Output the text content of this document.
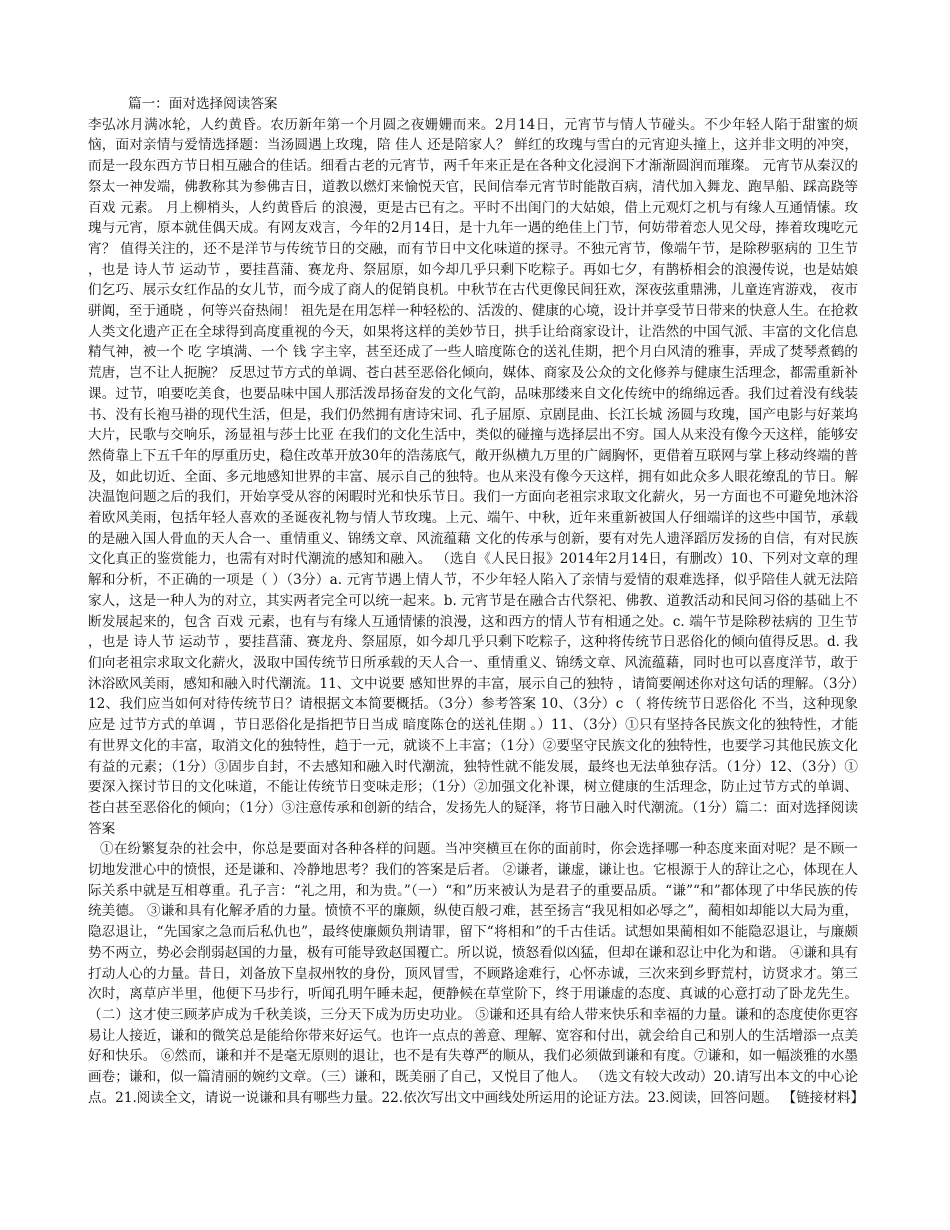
篇一：面对选择阅读答案

李弘冰月满冰轮，人约黄昏。农历新年第一个月圆之夜姗姗而来。2月14日，元宵节与情人节碰头。不少年轻人陷于甜蜜的烦恼，面对亲情与爱情选择题：当汤圆遇上玫瑰，陪 佳人 还是陪家人？ 鲜红的玫瑰与雪白的元宵迎头撞上，这并非文明的冲突，而是一段东西方节日相互融合的佳话。细看古老的元宵节，两千年来正是在各种文化浸润下才渐渐圆润而璀璨。 元宵节从秦汉的祭太一神发端，佛教称其为参佛吉日，道教以燃灯来愉悦天官，民间信奉元宵节时能散百病，清代加入舞龙、跑旱船、踩高跷等 百戏 元素。 月上柳梢头，人约黄昏后 的浪漫，更是古已有之。平时不出闺门的大姑娘，借上元观灯之机与有缘人互通情愫。玫瑰与元宵，原本就佳偶天成。有网友戏言，今年的2月14日，是十九年一遇的绝佳上门节，何妨带着恋人见父母，捧着玫瑰吃元宵？ 值得关注的，还不是洋节与传统节日的交融，而有节日中文化味道的探寻。不独元宵节，像端午节，是除秽驱病的 卫生节 ，也是 诗人节 运动节 ，要挂菖蒲、赛龙舟、祭屈原，如今却几乎只剩下吃粽子。再如七夕，有鹊桥相会的浪漫传说，也是姑娘们乞巧、展示女红作品的女儿节，而今成了商人的促销良机。中秋节在古代更像民间狂欢，深夜弦重鼎沸，儿童连宵游戏， 夜市骈阗，至于通晓 ，何等兴奋热闹！ 祖先是在用怎样一种轻松的、活泼的、健康的心境，设计并享受节日带来的快意人生。在抢救人类文化遗产正在全球得到高度重视的今天，如果将这样的美妙节日，拱手让给商家设计，让浩然的中国气派、丰富的文化信息精气神，被一个 吃 字填满、一个 钱 字主宰，甚至还成了一些人暗度陈仓的送礼佳期，把个月白风清的雅事，弄成了焚琴煮鹤的荒唐，岂不让人扼腕？ 反思过节方式的单调、苍白甚至恶俗化倾向，媒体、商家及公众的文化修养与健康生活理念，都需重新补课。过节，咱要吃美食，也要品味中国人那活泼昂扬奋发的文化气韵，品味那缕来自文化传统中的绵绵远香。我们过着没有线装书、没有长袍马褂的现代生活，但是，我们仍然拥有唐诗宋词、孔子屈原、京剧昆曲、长江长城 汤圆与玫瑰，国产电影与好莱坞大片，民歌与交响乐，汤显祖与莎士比亚 在我们的文化生活中，类似的碰撞与选择层出不穷。国人从来没有像今天这样，能够安然倚靠上下五千年的厚重历史，稳住改革开放30年的浩荡底气，敞开纵横九万里的广阔胸怀，更借着互联网与掌上移动终端的普及，如此切近、全面、多元地感知世界的丰富、展示自己的独特。也从来没有像今天这样，拥有如此众多人眼花缭乱的节日。解决温饱问题之后的我们，开始享受从容的闲暇时光和快乐节日。我们一方面向老祖宗求取文化薪火，另一方面也不可避免地沐浴着欧风美雨，包括年轻人喜欢的圣诞夜礼物与情人节玫瑰。上元、端午、中秋，近年来重新被国人仔细端详的这些中国节，承载的是融入国人骨血的天人合一、重情重义、锦绣文章、风流蕴藉 文化的传承与创新，要有对先人遗泽蹈厉发扬的自信，有对民族文化真正的鉴赏能力，也需有对时代潮流的感知和融入。 （选自《人民日报》2014年2月14日，有删改）10、下列对文章的理解和分析，不正确的一项是（ ）（3分）a. 元宵节遇上情人节，不少年轻人陷入了亲情与爱情的艰难选择，似乎陪佳人就无法陪家人，这是一种人为的对立，其实两者完全可以统一起来。b. 元宵节是在融合古代祭祀、佛教、道教活动和民间习俗的基础上不断发展起来的，包含 百戏 元素，也有与有缘人互通情愫的浪漫，这和西方的情人节有相通之处。c. 端午节是除秽祛病的 卫生节 ，也是 诗人节 运动节 ，要挂菖蒲、赛龙舟、祭屈原，如今却几乎只剩下吃粽子，这种将传统节日恶俗化的倾向值得反思。d. 我们向老祖宗求取文化薪火，汲取中国传统节日所承载的天人合一、重情重义、锦绣文章、风流蕴藉，同时也可以喜度洋节，敢于沐浴欧风美雨，感知和融入时代潮流。11、文中说要 感知世界的丰富，展示自己的独特 ，请简要阐述你对这句话的理解。（3分）12、我们应当如何对待传统节日？请根据文本简要概括。（3分）参考答案 10、（3分）c （ 将传统节日恶俗化 不当，这种现象应是 过节方式的单调 ，节日恶俗化是指把节日当成 暗度陈仓的送礼佳期 。）11、（3分）①只有坚持各民族文化的独特性，才能有世界文化的丰富，取消文化的独特性，趋于一元，就谈不上丰富；（1分）②要坚守民族文化的独特性，也要学习其他民族文化有益的元素；（1分）③固步自封，不去感知和融入时代潮流，独特性就不能发展，最终也无法单独存活。（1分）12、（3分）①要深入探讨节日的文化味道，不能让传统节日变味走形；（1分）②加强文化补课，树立健康的生活理念，防止过节方式的单调、苍白甚至恶俗化的倾向；（1分）③注意传承和创新的结合，发扬先人的疑泽，将节日融入时代潮流。（1分）篇二：面对选择阅读答案

①在纷繁复杂的社会中，你总是要面对各种各样的问题。当冲突横亘在你的面前时，你会选择哪一种态度来面对呢？是不顾一切地发泄心中的愤恨，还是谦和、冷静地思考？我们的答案是后者。 ②谦者，谦虚，谦让也。它根源于人的辞让之心，体现在人际关系中就是互相尊重。孔子言：“礼之用，和为贵。”（一）“和”历来被认为是君子的重要品质。“谦”“和”都体现了中华民族的传统美德。 ③谦和具有化解矛盾的力量。愤愤不平的廉颇，纵使百般刁难，甚至扬言“我见相如必辱之”，蔺相如却能以大局为重，隐忍退让，“先国家之急而后私仇也”，最终使廉颇负荆请罪，留下“将相和”的千古佳话。试想如果蔺相如不能隐忍退让，与廉颇势不两立，势必会削弱赵国的力量，极有可能导致赵国覆亡。所以说，愤怒看似凶猛，但却在谦和忍让中化为和谐。 ④谦和具有打动人心的力量。昔日，刘备放下皇叔州牧的身份，顶风冒雪，不顾路途难行，心怀赤诚，三次来到乡野荒村，访贤求才。第三次时，离草庐半里，他便下马步行，听闻孔明午睡未起，便静候在草堂阶下，终于用谦虚的态度、真诚的心意打动了卧龙先生。（二）这才使三顾茅庐成为千秋美谈，三分天下成为历史功业。 ⑤谦和还具有给人带来快乐和幸福的力量。谦和的态度使你更容易让人接近，谦和的微笑总是能给你带来好运气。也许一点点的善意、理解、宽容和付出，就会给自己和别人的生活增添一点美好和快乐。 ⑥然而，谦和并不是毫无原则的退让，也不是有失尊严的顺从，我们必须做到谦和有度。⑦谦和，如一幅淡雅的水墨画卷；谦和，似一篇清丽的婉约文章。（三）谦和，既美丽了自己，又悦目了他人。 （选文有较大改动）20.请写出本文的中心论点。21.阅读全文，请说一说谦和具有哪些力量。22.依次写出文中画线处所运用的论证方法。23.阅读，回答问题。 【链接材料】
